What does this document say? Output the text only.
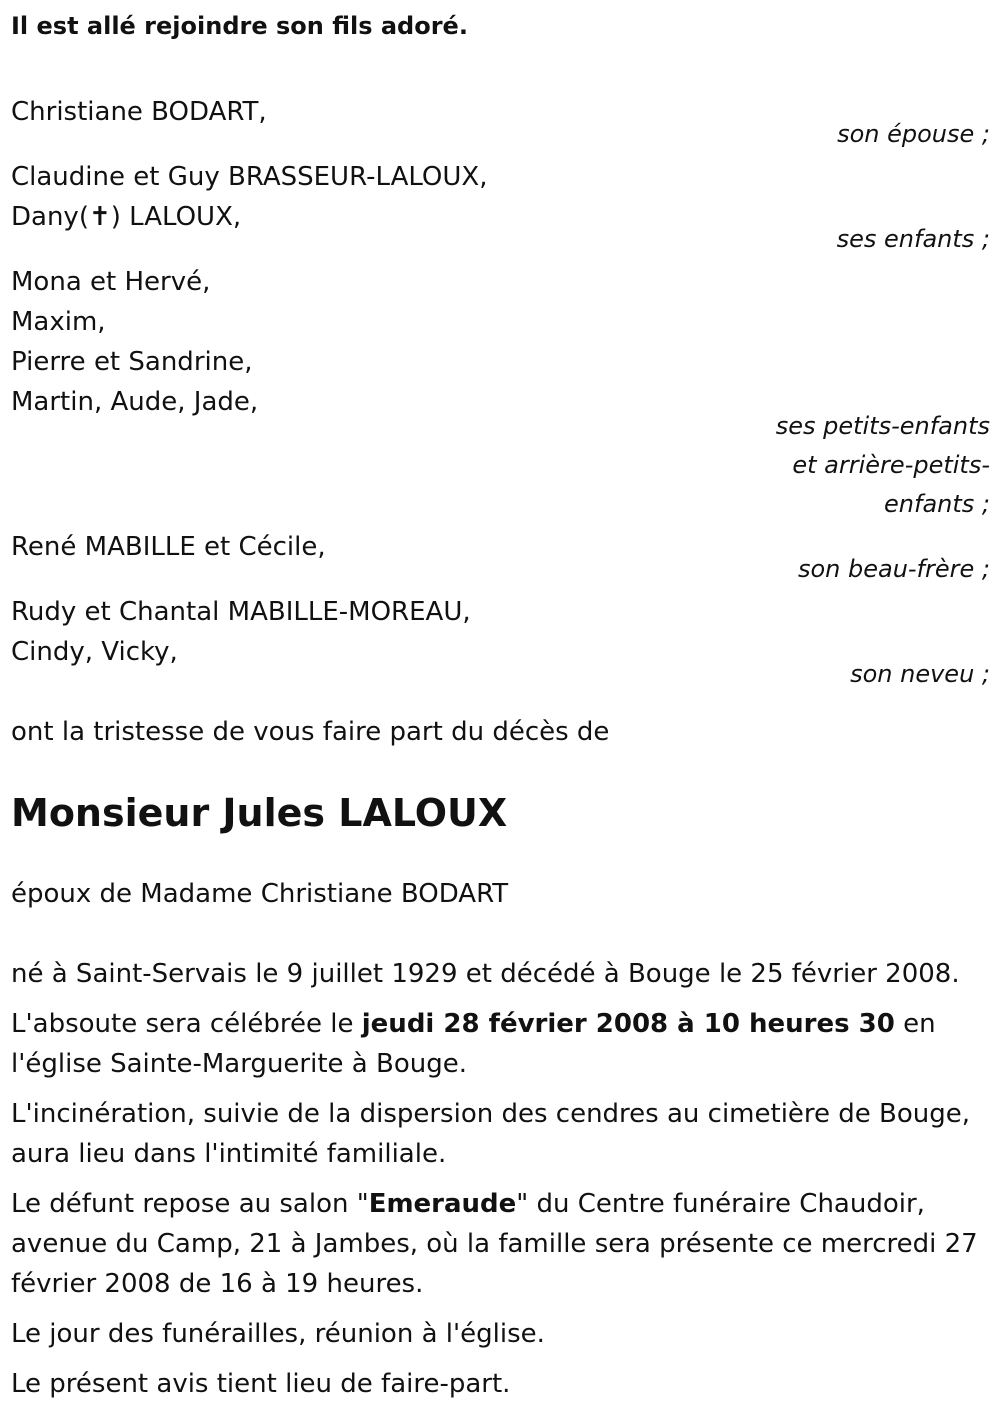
Il est allé rejoindre son fils adoré.
Christiane BODART,
son épouse ;
Claudine et Guy BRASSEUR-LALOUX,
Dany(✝) LALOUX,
ses enfants ;
Mona et Hervé,
Maxim,
Pierre et Sandrine,
Martin, Aude, Jade,
ses petits-enfants
et arrière-petits-
enfants ;
René MABILLE et Cécile,
son beau-frère ;
Rudy et Chantal MABILLE-MOREAU,
Cindy, Vicky,
son neveu ;
ont la tristesse de vous faire part du décès de
Monsieur Jules LALOUX
époux de Madame Christiane BODART
né à Saint-Servais le 9 juillet 1929 et décédé à Bouge le 25 février 2008.
L'absoute sera célébrée le jeudi 28 février 2008 à 10 heures 30 en l'église Sainte-Marguerite à Bouge.
L'incinération, suivie de la dispersion des cendres au cimetière de Bouge, aura lieu dans l'intimité familiale.
Le défunt repose au salon "Emeraude" du Centre funéraire Chaudoir, avenue du Camp, 21 à Jambes, où la famille sera présente ce mercredi 27 février 2008 de 16 à 19 heures.
Le jour des funérailles, réunion à l'église.
Le présent avis tient lieu de faire-part.
